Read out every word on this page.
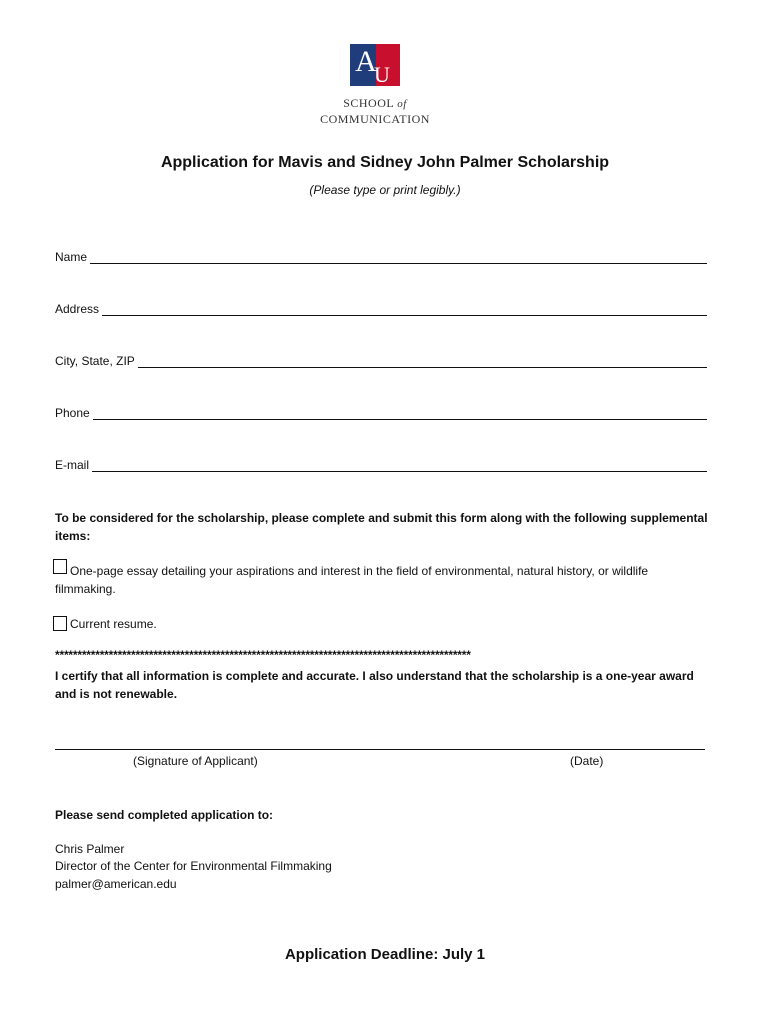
A
U
SCHOOL of
COMMUNICATION
Application for Mavis and Sidney John Palmer Scholarship
(Please type or print legibly.)
Name
Address
City, State, ZIP
Phone
E-mail
To be considered for the scholarship, please complete and submit this form along with the following supplemental items:
One-page essay detailing your aspirations and interest in the field of environmental, natural history, or wildlife filmmaking.
Current resume.
*********************************************************************************************
I certify that all information is complete and accurate. I also understand that the scholarship is a one-year award and is not renewable.
(Signature of Applicant)	(Date)
Please send completed application to:
Chris Palmer
Director of the Center for Environmental Filmmaking
palmer@american.edu
Application Deadline: July 1
